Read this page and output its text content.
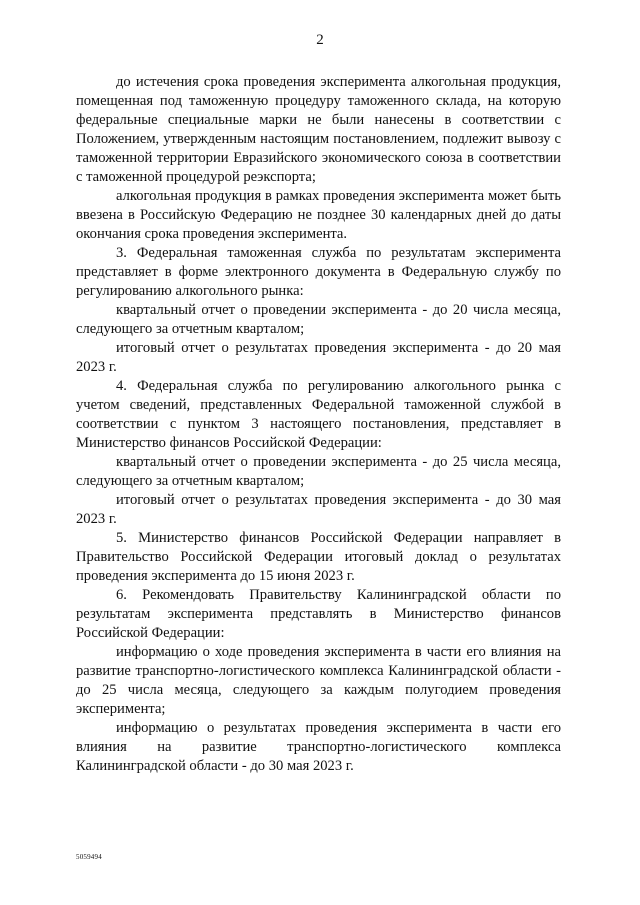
2

до истечения срока проведения эксперимента алкогольная продукция, помещенная под таможенную процедуру таможенного склада, на которую федеральные специальные марки не были нанесены в соответствии с Положением, утвержденным настоящим постановлением, подлежит вывозу с таможенной территории Евразийского экономического союза в соответствии с таможенной процедурой реэкспорта;

алкогольная продукция в рамках проведения эксперимента может быть ввезена в Российскую Федерацию не позднее 30 календарных дней до даты окончания срока проведения эксперимента.

3. Федеральная таможенная служба по результатам эксперимента представляет в форме электронного документа в Федеральную службу по регулированию алкогольного рынка:

квартальный отчет о проведении эксперимента - до 20 числа месяца, следующего за отчетным кварталом;

итоговый отчет о результатах проведения эксперимента - до 20 мая 2023 г.

4. Федеральная служба по регулированию алкогольного рынка с учетом сведений, представленных Федеральной таможенной службой в соответствии с пунктом 3 настоящего постановления, представляет в Министерство финансов Российской Федерации:

квартальный отчет о проведении эксперимента - до 25 числа месяца, следующего за отчетным кварталом;

итоговый отчет о результатах проведения эксперимента - до 30 мая 2023 г.

5. Министерство финансов Российской Федерации направляет в Правительство Российской Федерации итоговый доклад о результатах проведения эксперимента до 15 июня 2023 г.

6. Рекомендовать Правительству Калининградской области по результатам эксперимента представлять в Министерство финансов Российской Федерации:

информацию о ходе проведения эксперимента в части его влияния на развитие транспортно-логистического комплекса Калининградской области - до 25 числа месяца, следующего за каждым полугодием проведения эксперимента;

информацию о результатах проведения эксперимента в части его влияния на развитие транспортно-логистического комплекса Калининградской области - до 30 мая 2023 г.

5059494
